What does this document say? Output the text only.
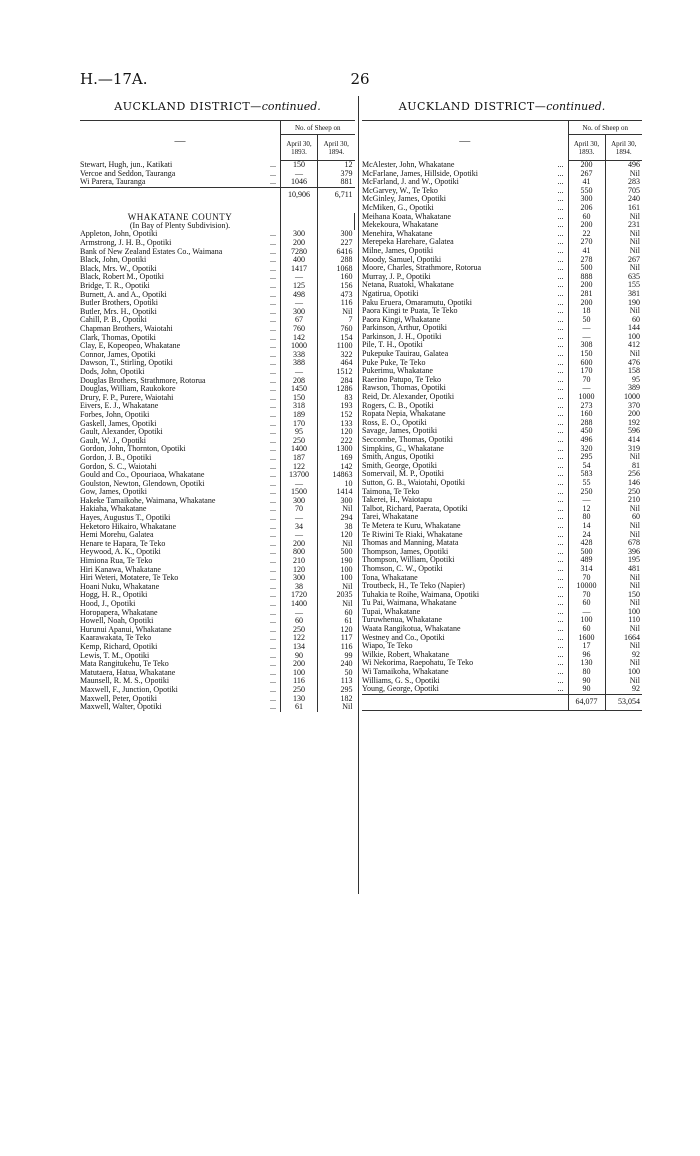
H.—17A.	26
AUCKLAND DISTRICT—continued.
—	No. of Sheep on	
	April 30, 1893.	April 30, 1894.

...
Stewart, Hugh, jun., Katikati	150	12

...
Vercoe and Seddon, Tauranga	—	379

...
Wi Parera, Tauranga	1046	881
	10,906	6,711

WHAKATANE COUNTY		
(In Bay of Plenty Subdivision).		

...
Appleton, John, Opotiki	300	300

...
Armstrong, J. H. B., Opotiki	200	227

...
Bank of New Zealand Estates Co., Waimana	7280	6416

...
Black, John, Opotiki	400	288

...
Black, Mrs. W., Opotiki	1417	1068

...
Black, Robert M., Opotiki	—	160

...
Bridge, T. R., Opotiki	125	156

...
Burnett, A. and A., Opotiki	498	473

...
Butler Brothers, Opotiki	—	116

...
Butler, Mrs. H., Opotiki	300	Nil

...
Cahill, P. B., Opotiki	67	7

...
Chapman Brothers, Waiotahi	760	760

...
Clark, Thomas, Opotiki	142	154

...
Clay, E, Kopeopeo, Whakatane	1000	1100

...
Connor, James, Opotiki	338	322

...
Dawson, T., Stirling, Opotiki	388	464

...
Dods, John, Opotiki	—	1512

...
Douglas Brothers, Strathmore, Rotorua	208	284

...
Douglas, William, Raukokore	1450	1286

...
Drury, F. P., Purere, Waiotahi	150	83

...
Eivers, E. J., Whakatane	318	193

...
Forbes, John, Opotiki	189	152

...
Gaskell, James, Opotiki	170	133

...
Gault, Alexander, Opotiki	95	120

...
Gault, W. J., Opotiki	250	222

...
Gordon, John, Thornton, Opotiki	1400	1300

...
Gordon, J. B., Opotiki	187	169

...
Gordon, S. C., Waiotahi	122	142

...
Gould and Co., Opouriaoa, Whakatane	13700	14863

...
Goulston, Newton, Glendown, Opotiki	—	10

...
Gow, James, Opotiki	1500	1414

...
Hakeke Tamaikohe, Waimana, Whakatane	300	300

...
Hakiaha, Whakatane	70	Nil

...
Hayes, Augustus T., Opotiki	—	294

...
Heketoro Hikairo, Whakatane	34	38

...
Hemi Morehu, Galatea	—	120

...
Henare te Hapara, Te Teko	200	Nil

...
Heywood, A. K., Opotiki	800	500

...
Himiona Rua, Te Teko	210	190

...
Hiri Kanawa, Whakatane	120	100

...
Hiri Weteri, Motatere, Te Teko	300	100

...
Hoani Nuku, Whakatane	38	Nil

...
Hogg, H. R., Opotiki	1720	2035

...
Hood, J., Opotiki	1400	Nil

...
Horopapera, Whakatane	—	60

...
Howell, Noah, Opotiki	60	61

...
Hurunui Apanui, Whakatane	250	120

...
Kaarawakata, Te Teko	122	117

...
Kemp, Richard, Opotiki	134	116

...
Lewis, T. M., Opotiki	90	99

...
Mata Rangitukehu, Te Teko	200	240

...
Matutaera, Hatua, Whakatane	100	50

...
Maunsell, R. M. S., Opotiki	116	113

...
Maxwell, F., Junction, Opotiki	250	295

...
Maxwell, Peter, Opotiki	130	182

...
Maxwell, Walter, Opotiki	61	Nil
AUCKLAND DISTRICT—continued.
—	No. of Sheep on	
	April 30, 1893.	April 30, 1894.

...
McAlester, John, Whakatane	200	496

...
McFarlane, James, Hillside, Opotiki	267	Nil

...
McFarland, J. and W., Opotiki	41	283

...
McGarvey, W., Te Teko	550	705

...
McGinley, James, Opotiki	300	240

...
McMiken, G., Opotiki	206	161

...
Meihana Koata, Whakatane	60	Nil

...
Mekekoura, Whakatane	200	231

...
Menehira, Whakatane	22	Nil

...
Merepeka Harehare, Galatea	270	Nil

...
Milne, James, Opotiki	41	Nil

...
Moody, Samuel, Opotiki	278	267

...
Moore, Charles, Strathmore, Rotorua	500	Nil

...
Murray, J. P., Opotiki	888	635

...
Netana, Ruatoki, Whakatane	200	155

...
Ngatirua, Opotiki	281	381

...
Paku Eruera, Omaramutu, Opotiki	200	190

...
Paora Kingi te Puata, Te Teko	18	Nil

...
Paora Kingi, Whakatane	50	60

...
Parkinson, Arthur, Opotiki	—	144

...
Parkinson, J. H., Opotiki	—	100

...
Pile, T. H., Opotiki	308	412

...
Pukepuke Tauirau, Galatea	150	Nil

...
Puke Puke, Te Teko	600	476

...
Pukerimu, Whakatane	170	158

...
Raerino Patupo, Te Teko	70	95

...
Rawson, Thomas, Opotiki	—	389

...
Reid, Dr. Alexander, Opotiki	1000	1000

...
Rogers, C. B., Opotiki	273	370

...
Ropata Nepia, Whakatane	160	200

...
Ross, E. O., Opotiki	288	192

...
Savage, James, Opotiki	450	596

...
Seccombe, Thomas, Opotiki	496	414

...
Simpkins, G., Whakatane	320	319

...
Smith, Angus, Opotiki	295	Nil

...
Smith, George, Opotiki	54	81

...
Somervail, M. P., Opotiki	583	256

...
Sutton, G. B., Waiotahi, Opotiki	55	146

...
Taimona, Te Teko	250	250

...
Takerei, H., Waiotapu	—	210

...
Talbot, Richard, Paerata, Opotiki	12	Nil

...
Tarei, Whakatane	80	60

...
Te Metera te Kuru, Whakatane	14	Nil

...
Te Riwini Te Riaki, Whakatane	24	Nil

...
Thomas and Manning, Matata	428	678

...
Thompson, James, Opotiki	500	396

...
Thompson, William, Opotiki	489	195

...
Thomson, C. W., Opotiki	314	481

...
Tona, Whakatane	70	Nil

...
Troutbeck, H., Te Teko (Napier)	10000	Nil

...
Tuhakia te Roihe, Waimana, Opotiki	70	150

...
Tu Pai, Waimana, Whakatane	60	Nil

...
Tupai, Whakatane	—	100

...
Turuwhenua, Whakatane	100	110

...
Waata Rangikotua, Whakatane	60	Nil

...
Westney and Co., Opotiki	1600	1664

...
Wiapo, Te Teko	17	Nil

...
Wilkie, Robert, Whakatane	96	92

...
Wi Nekorima, Raepohatu, Te Teko	130	Nil

...
Wi Tamaikoha, Whakatane	80	100

...
Williams, G. S., Opotiki	90	Nil

...
Young, George, Opotiki	90	92
	64,077	53,054
